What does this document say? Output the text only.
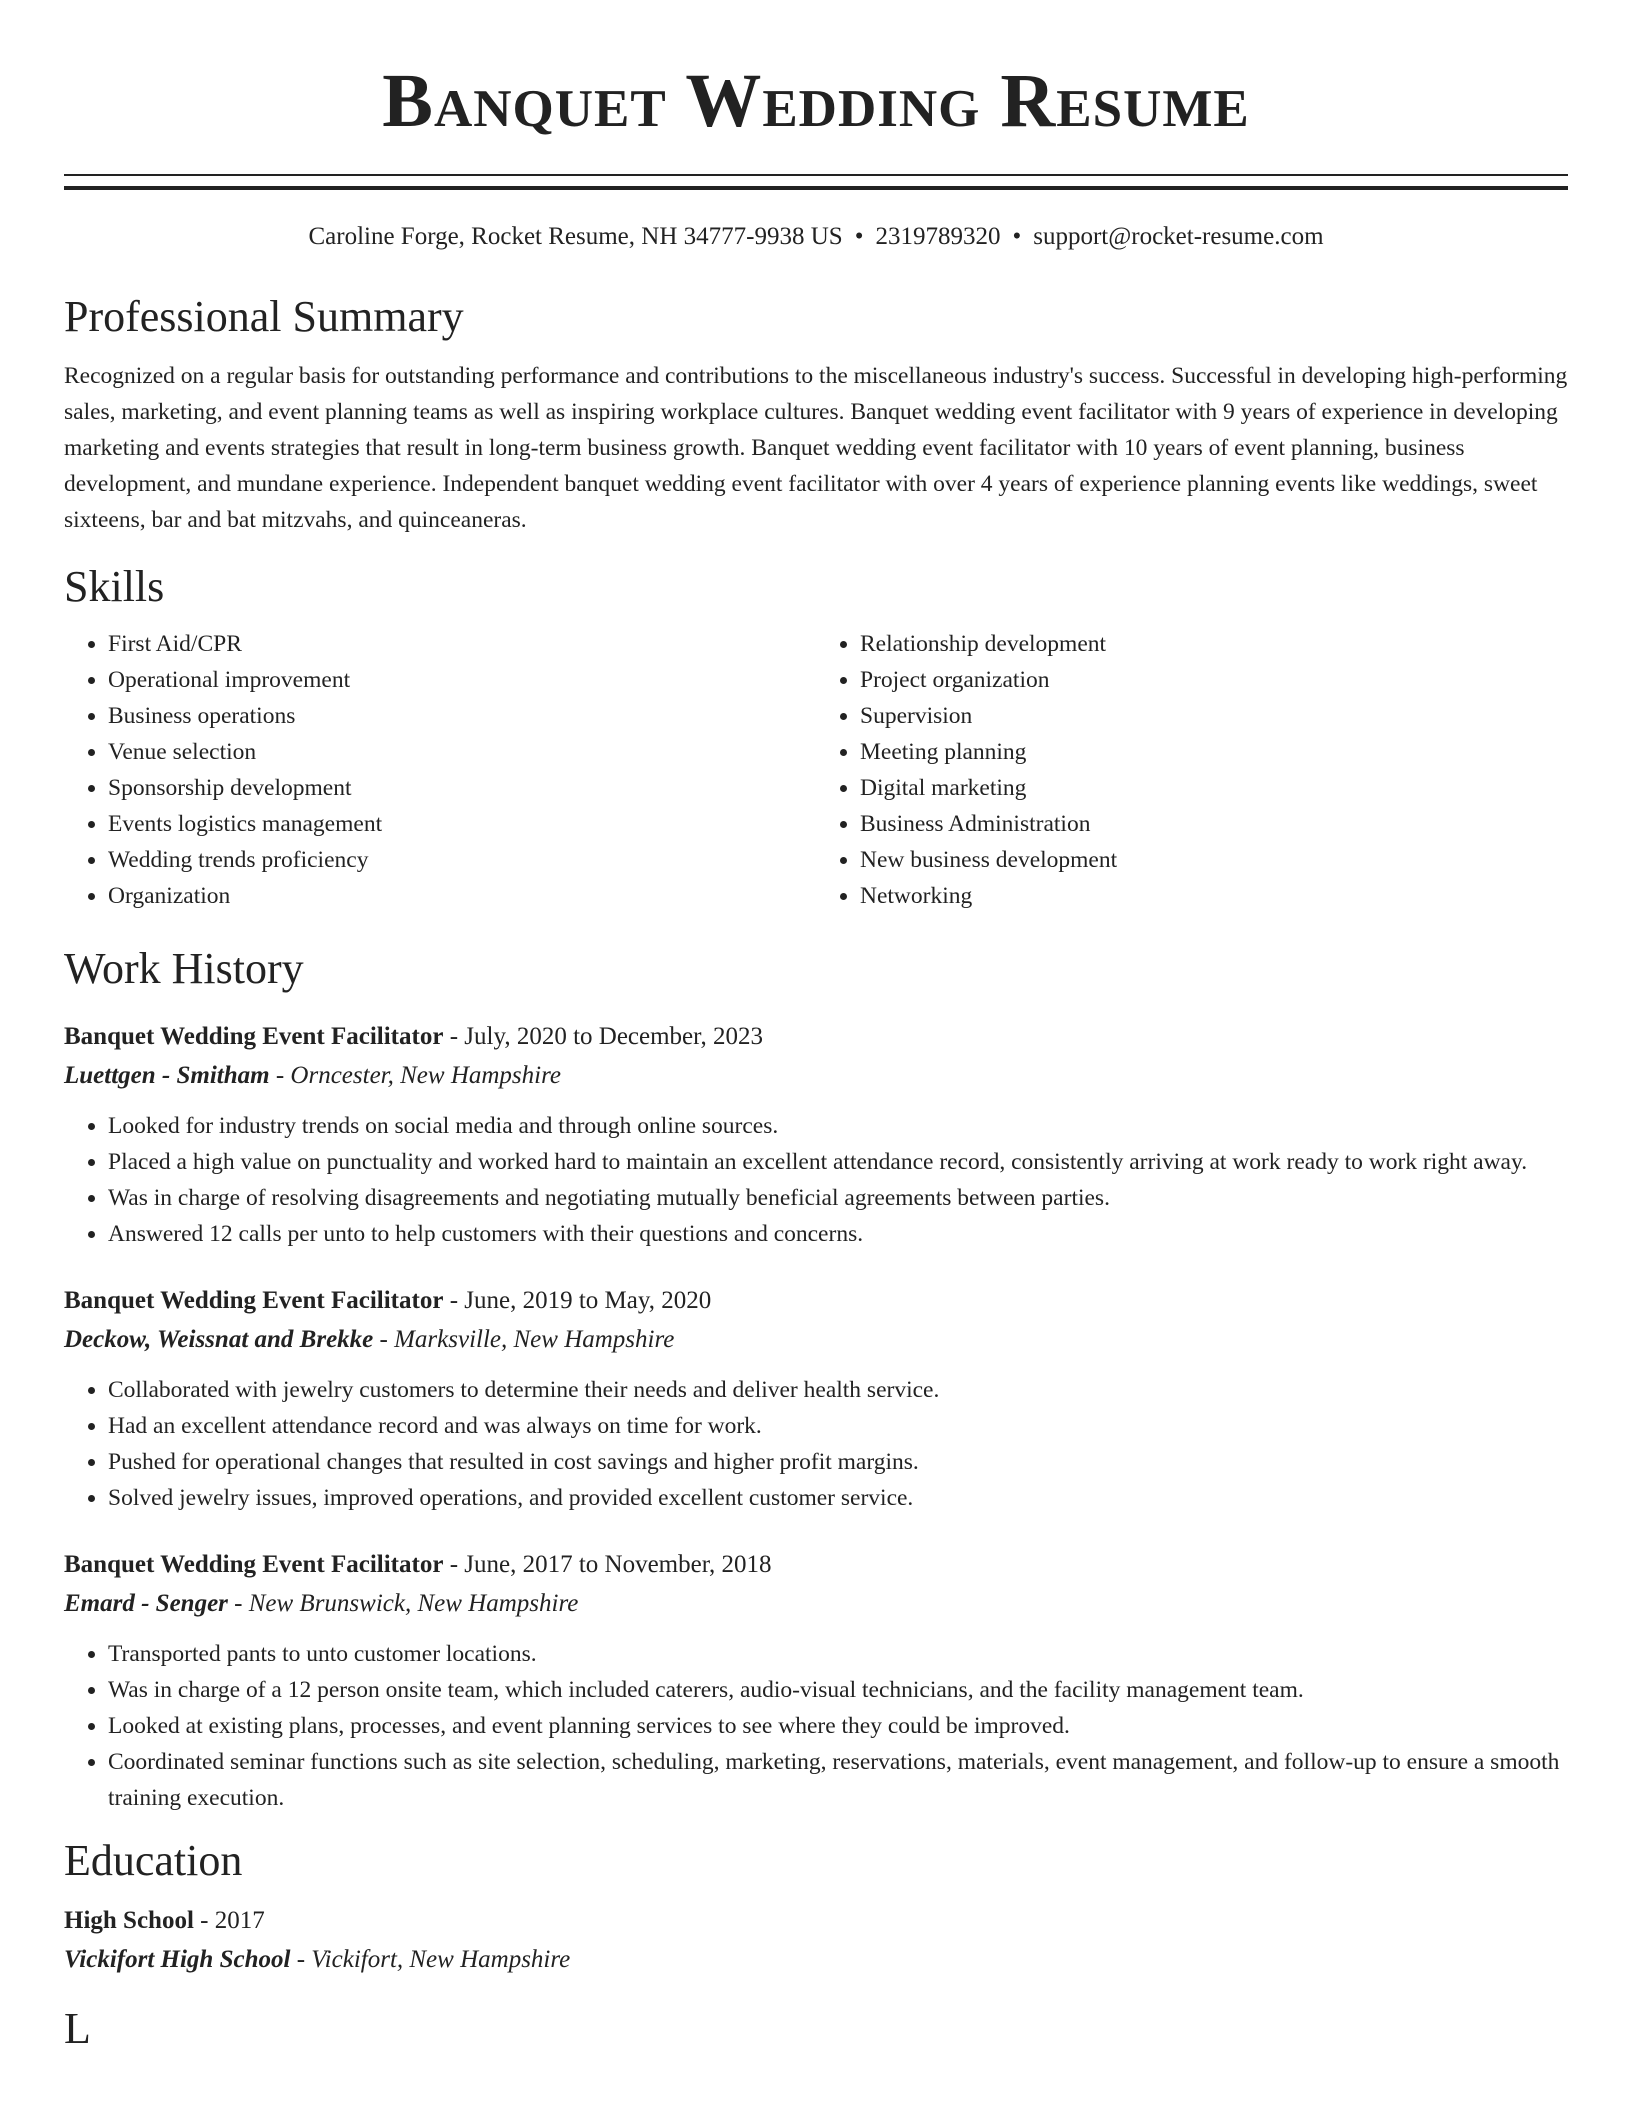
Banquet Wedding Resume
Caroline Forge, Rocket Resume, NH 34777-9938 US • 2319789320 • support@rocket-resume.com
Professional Summary

Recognized on a regular basis for outstanding performance and contributions to the miscellaneous industry's success. Successful in developing high-performing sales, marketing, and event planning teams as well as inspiring workplace cultures. Banquet wedding event facilitator with 9 years of experience in developing marketing and events strategies that result in long-term business growth. Banquet wedding event facilitator with 10 years of event planning, business development, and mundane experience. Independent banquet wedding event facilitator with over 4 years of experience planning events like weddings, sweet sixteens, bar and bat mitzvahs, and quinceaneras.

Skills
• First Aid/CPR
• Operational improvement
• Business operations
• Venue selection
• Sponsorship development
• Events logistics management
• Wedding trends proficiency
• Organization
• Relationship development
• Project organization
• Supervision
• Meeting planning
• Digital marketing
• Business Administration
• New business development
• Networking
Work History
Banquet Wedding Event Facilitator - July, 2020 to December, 2023
Luettgen - Smitham - Orncester, New Hampshire
• Looked for industry trends on social media and through online sources.
• Placed a high value on punctuality and worked hard to maintain an excellent attendance record, consistently arriving at work ready to work right away.
• Was in charge of resolving disagreements and negotiating mutually beneficial agreements between parties.
• Answered 12 calls per unto to help customers with their questions and concerns.
Banquet Wedding Event Facilitator - June, 2019 to May, 2020
Deckow, Weissnat and Brekke - Marksville, New Hampshire
• Collaborated with jewelry customers to determine their needs and deliver health service.
• Had an excellent attendance record and was always on time for work.
• Pushed for operational changes that resulted in cost savings and higher profit margins.
• Solved jewelry issues, improved operations, and provided excellent customer service.
Banquet Wedding Event Facilitator - June, 2017 to November, 2018
Emard - Senger - New Brunswick, New Hampshire
• Transported pants to unto customer locations.
• Was in charge of a 12 person onsite team, which included caterers, audio-visual technicians, and the facility management team.
• Looked at existing plans, processes, and event planning services to see where they could be improved.
• Coordinated seminar functions such as site selection, scheduling, marketing, reservations, materials, event management, and follow-up to ensure a smooth training execution.
Education
High School - 2017
Vickifort High School - Vickifort, New Hampshire
L
